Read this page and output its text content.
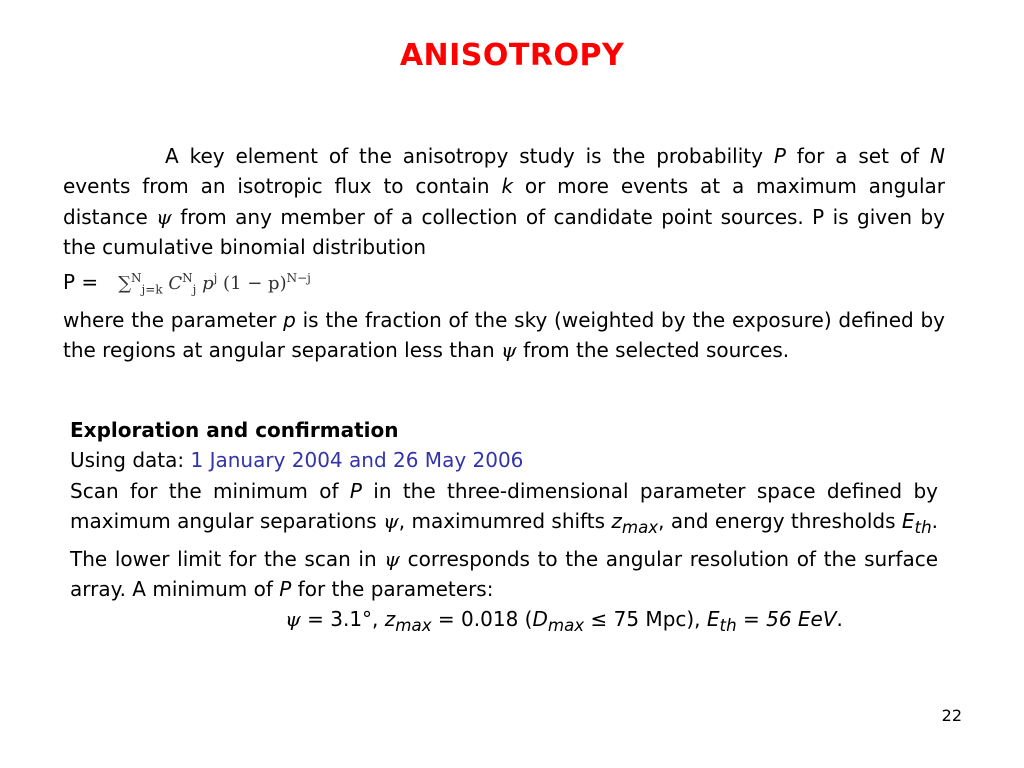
ANISOTROPY
A key element of the anisotropy study is the probability P for a set of N events from an isotropic flux to contain k or more events at a maximum angular distance ψ from any member of a collection of candidate point sources. P is given by the cumulative binomial distribution
P = ∑$^N_{j=k}$ $C^N_j$ $p^j$ $(1 - p)^{N-j}$
where the parameter p is the fraction of the sky (weighted by the exposure) defined by the regions at angular separation less than ψ from the selected sources.
Exploration and confirmation
Using data: 1 January 2004 and 26 May 2006
Scan for the minimum of P in the three-dimensional parameter space defined by maximum angular separations ψ, maximumred shifts $z_{max}$, and energy thresholds $E_{th}$. The lower limit for the scan in ψ corresponds to the angular resolution of the surface array. A minimum of P for the parameters:
ψ = 3.1°, $z_{max} = 0.018$ ($D_{max} \le 75$ Mpc), $E_{th} = 56$ EeV.
22
